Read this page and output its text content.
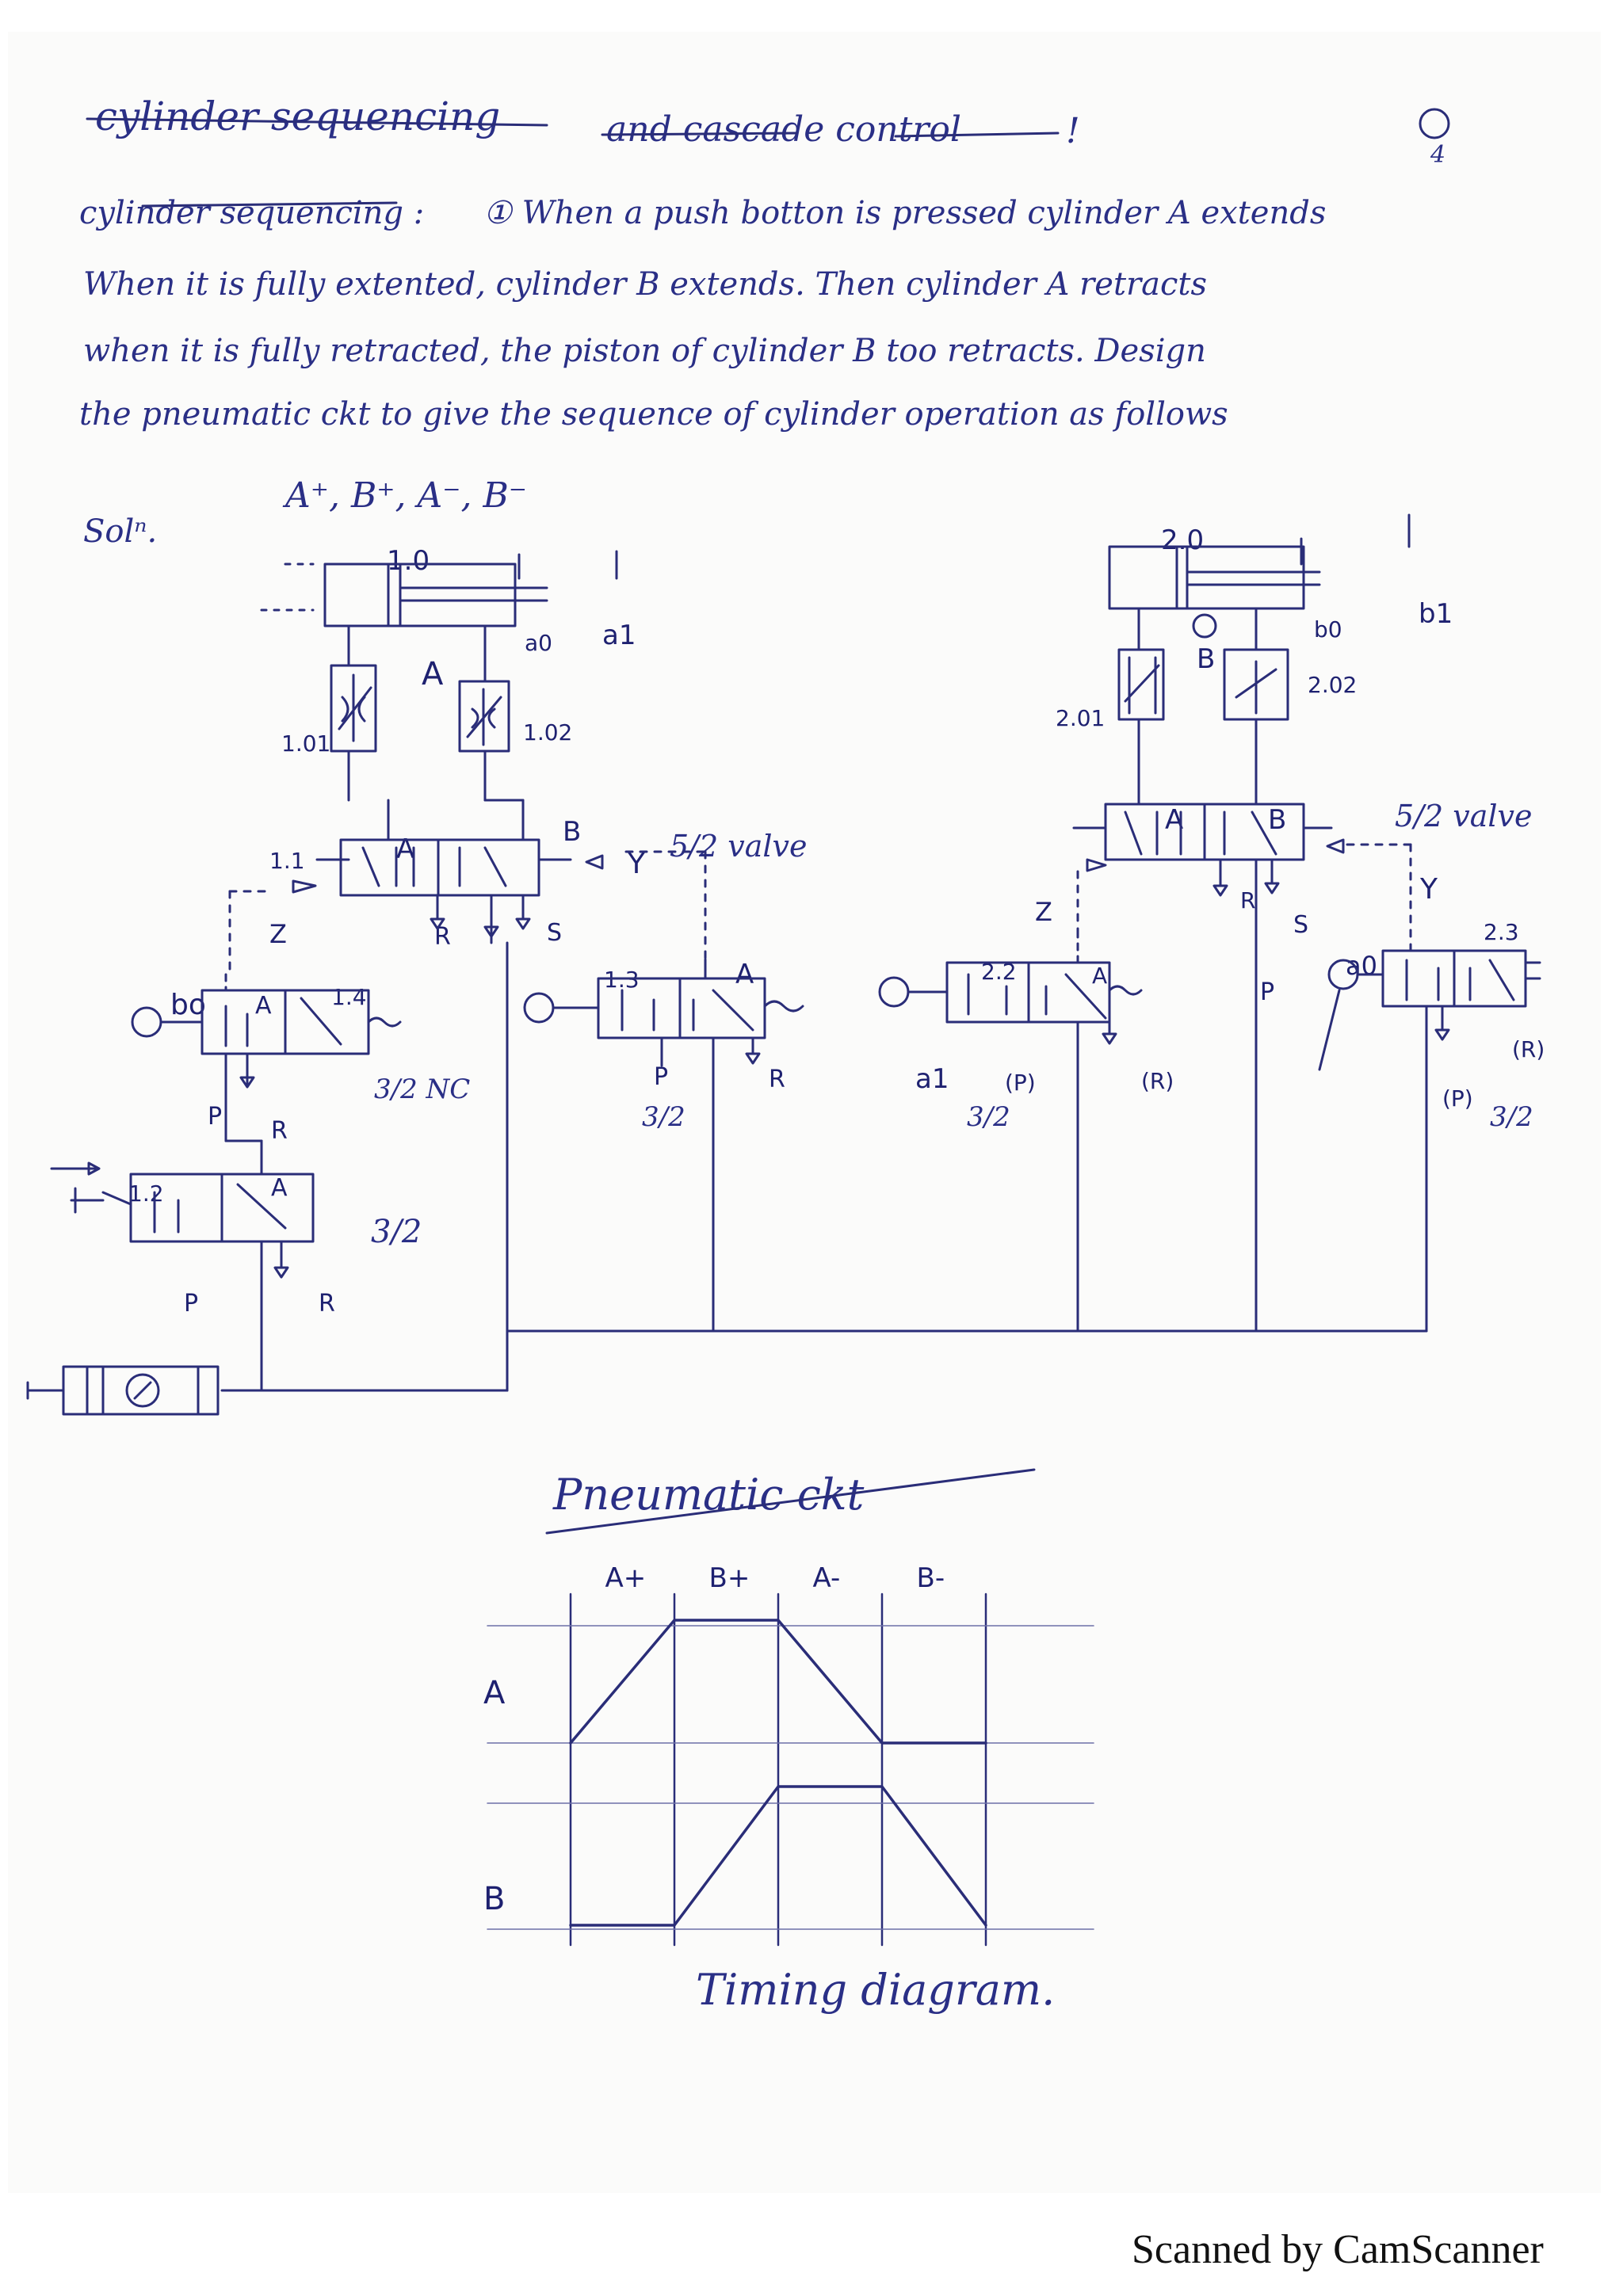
cylinder sequencing	and cascade control	!
4
cylinder sequencing : ① When a push botton is pressed cylinder A extends
When it is fully extented, cylinder B extends. Then cylinder A retracts
when it is fully retracted, the piston of cylinder B too retracts. Design
the pneumatic ckt to give the sequence of cylinder operation as follows
A⁺, B⁺, A⁻, B⁻
Solⁿ.
1.0
A
a0 a1
1.01	1.02
2.0
B
b0	b1
2.01
2.02
1.1	A
B
R	S
Z
Y
5/2 valve
A	B
R
S
Z
Y
5/2 valve
1.4
bo A
P
R
3/2 NC
1.2	A
P	R
3/2
1.3	A
P	R
3/2
2.2
a1
A
(P)	(R)
3/2
2.3
a0
(P)
(R)
3/2
P
Pneumatic ckt
A+ B+ A-	B-
A
B
Timing diagram.
Scanned by CamScanner
